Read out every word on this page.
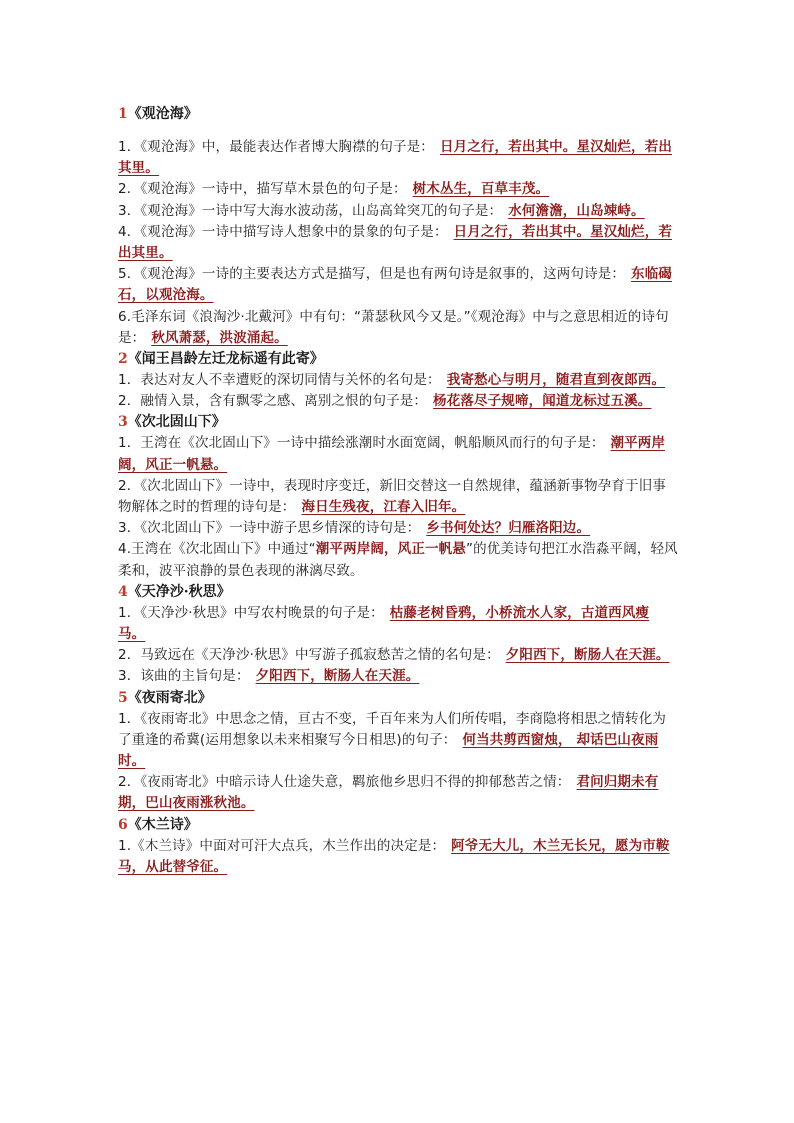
1《观沧海》
1．《观沧海》中，最能表达作者博大胸襟的句子是： 日月之行，若出其中。星汉灿烂，若出其里。
2．《观沧海》一诗中，描写草木景色的句子是： 树木丛生，百草丰茂。
3．《观沧海》一诗中写大海水波动荡，山岛高耸突兀的句子是： 水何澹澹，山岛竦峙。
4．《观沧海》一诗中描写诗人想象中的景象的句子是： 日月之行，若出其中。星汉灿烂，若出其里。
5．《观沧海》一诗的主要表达方式是描写，但是也有两句诗是叙事的，这两句诗是： 东临碣石，以观沧海。
6.毛泽东词《浪淘沙·北戴河》中有句：“萧瑟秋风今又是。”《观沧海》中与之意思相近的诗句是： 秋风萧瑟，洪波涌起。
2《闻王昌龄左迁龙标遥有此寄》
1．表达对友人不幸遭贬的深切同情与关怀的名句是： 我寄愁心与明月，随君直到夜郎西。
2．融情入景，含有飘零之感、离别之恨的句子是： 杨花落尽子规啼，闻道龙标过五溪。
3《次北固山下》
1．王湾在《次北固山下》一诗中描绘涨潮时水面宽阔，帆船顺风而行的句子是： 潮平两岸阔，风正一帆悬。
2．《次北固山下》一诗中，表现时序变迁，新旧交替这一自然规律，蕴涵新事物孕育于旧事物解体之时的哲理的诗句是： 海日生残夜，江春入旧年。
3．《次北固山下》一诗中游子思乡情深的诗句是： 乡书何处达？归雁洛阳边。
4.王湾在《次北固山下》中通过“潮平两岸阔，风正一帆悬”的优美诗句把江水浩淼平阔，轻风柔和，波平浪静的景色表现的淋漓尽致。
4《天净沙·秋思》
1．《天净沙·秋思》中写农村晚景的句子是： 枯藤老树昏鸦，小桥流水人家，古道西风瘦马。
2．马致远在《天净沙·秋思》中写游子孤寂愁苦之情的名句是： 夕阳西下，断肠人在天涯。
3．该曲的主旨句是： 夕阳西下，断肠人在天涯。
5《夜雨寄北》
1．《夜雨寄北》中思念之情，亘古不变，千百年来为人们所传唱，李商隐将相思之情转化为了重逢的希冀(运用想象以未来相聚写今日相思)的句子： 何当共剪西窗烛， 却话巴山夜雨时。
2．《夜雨寄北》中暗示诗人仕途失意，羁旅他乡思归不得的抑郁愁苦之情： 君问归期未有期，巴山夜雨涨秋池。
6《木兰诗》
1.《木兰诗》中面对可汗大点兵，木兰作出的决定是： 阿爷无大儿，木兰无长兄，愿为市鞍马，从此替爷征。
